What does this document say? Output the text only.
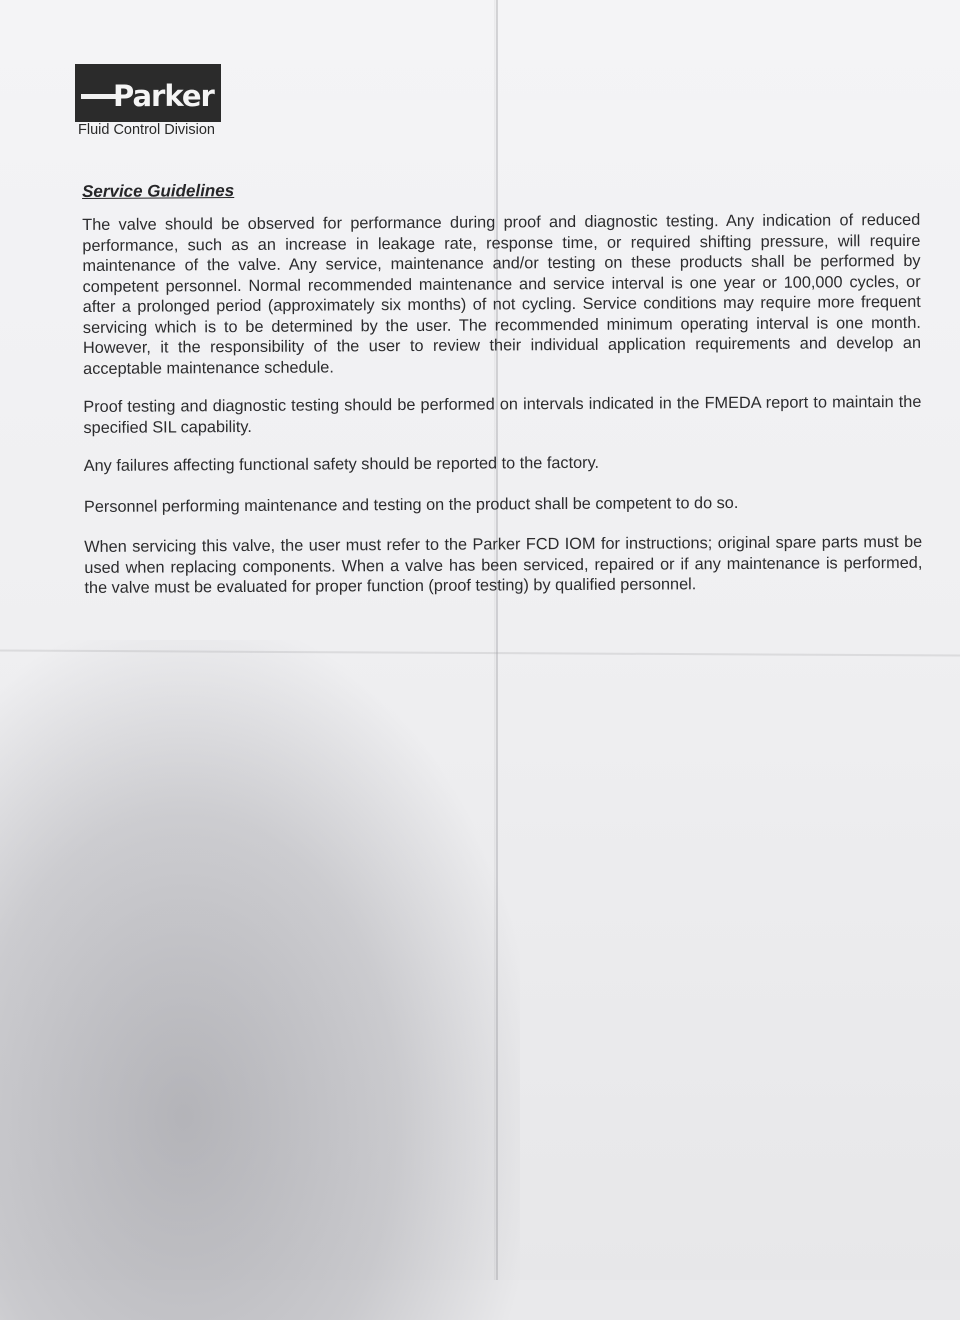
Parker
Fluid Control Division
Service Guidelines

The valve should be observed for performance during proof and diagnostic testing. Any indication of reduced performance, such as an increase in leakage rate, response time, or required shifting pressure, will require maintenance of the valve. Any service, maintenance and/or testing on these products shall be performed by competent personnel. Normal recommended maintenance and service interval is one year or 100,000 cycles, or after a prolonged period (approximately six months) of not cycling. Service conditions may require more frequent servicing which is to be determined by the user. The recommended minimum operating interval is one month. However, it the responsibility of the user to review their individual application requirements and develop an acceptable maintenance schedule.

Proof testing and diagnostic testing should be performed on intervals indicated in the FMEDA report to maintain the specified SIL capability.

Any failures affecting functional safety should be reported to the factory.

Personnel performing maintenance and testing on the product shall be competent to do so.

When servicing this valve, the user must refer to the Parker FCD IOM for instructions; original spare parts must be used when replacing components. When a valve has been serviced, repaired or if any maintenance is performed, the valve must be evaluated for proper function (proof testing) by qualified personnel.
